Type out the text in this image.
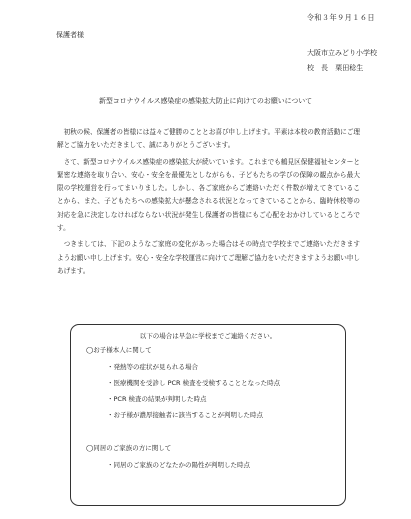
令和３年９月１６日
保護者様
大阪市立みどり小学校
校　長 栗田稔生
新型コロナウイルス感染症の感染拡大防止に向けてのお願いについて

初秋の候、保護者の皆様には益々ご健勝のこととお喜び申し上げます。平素は本校の教育活動にご理解とご協力をいただきまして、誠にありがとうございます。

さて、新型コロナウイルス感染症の感染拡大が続いています。これまでも鶴見区保健福祉センターと緊密な連絡を取り合い、安心・安全を最優先としながらも、子どもたちの学びの保障の観点から最大限の学校運営を行ってまいりました。しかし、各ご家庭からご連絡いただく件数が増えてきていることから、また、子どもたちへの感染拡大が懸念される状況となってきていることから、臨時休校等の対応を急に決定しなければならない状況が発生し保護者の皆様にもご心配をおかけしているところです。

つきましては、下記のようなご家庭の変化があった場合はその時点で学校までご連絡いただきますようお願い申し上げます。安心・安全な学校運営に向けてご理解ご協力をいただきますようお願い申しあげます。

以下の場合は早急に学校までご連絡ください。
◯お子様本人に関して
・発熱等の症状が見られる場合
・医療機関を受診し PCR 検査を受検することとなった時点
・PCR 検査の結果が判明した時点
・お子様が濃厚接触者に該当することが判明した時点
◯同居のご家族の方に関して
・同居のご家族のどなたかの陽性が判明した時点
